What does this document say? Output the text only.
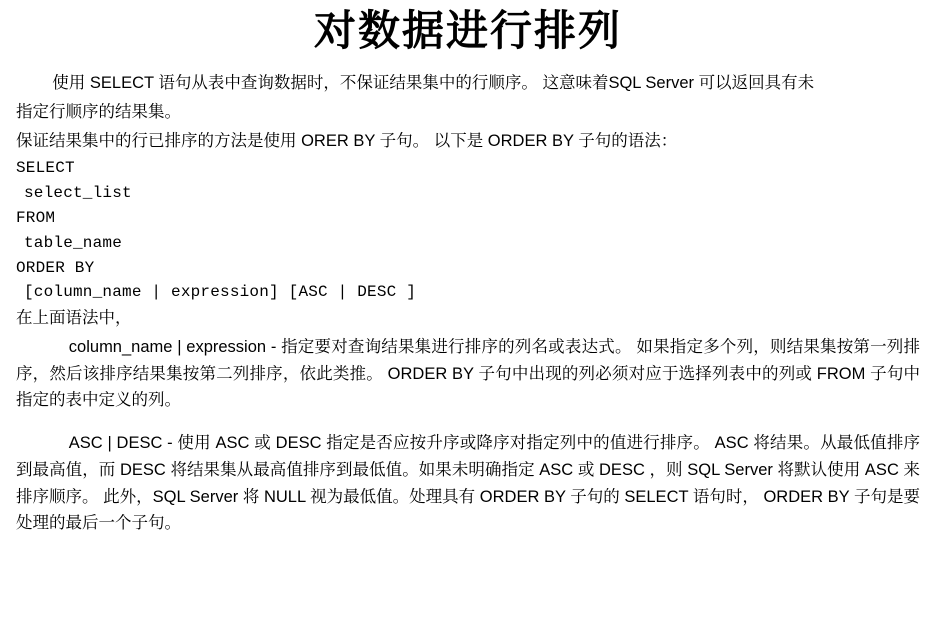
对数据进行排列

使用 SELECT 语句从表中查询数据时，不保证结果集中的行顺序。 这意味着SQL Server 可以返回具有未

指定行顺序的结果集。

保证结果集中的行已排序的方法是使用 ORER BY 子句。 以下是 ORDER BY 子句的语法：

SELECT
select_list
FROM
table_name
ORDER BY
[column_name | expression] [ASC | DESC ]

在上面语法中，

column_name | expression - 指定要对查询结果集进行排序的列名或表达式。 如果指定多个列，则结果集按第一列排序，然后该排序结果集按第二列排序，依此类推。 ORDER BY 子句中出现的列必须对应于选择列表中的列或 FROM 子句中指定的表中定义的列。

ASC | DESC - 使用 ASC 或 DESC 指定是否应按升序或降序对指定列中的值进行排序。 ASC 将结果。从最低值排序到最高值，而 DESC 将结果集从最高值排序到最低值。如果未明确指定 ASC 或 DESC ，则 SQL Server 将默认使用 ASC 来排序顺序。 此外，SQL Server 将 NULL 视为最低值。处理具有 ORDER BY 子句的 SELECT 语句时， ORDER BY 子句是要处理的最后一个子句。
